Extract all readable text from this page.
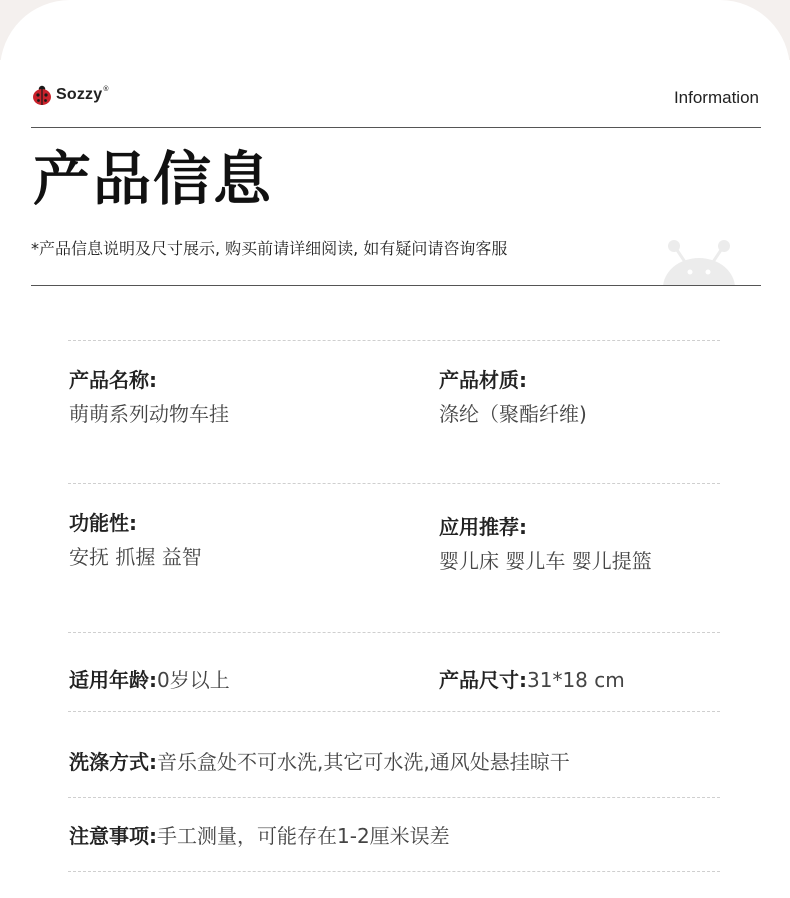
Sozzy®	Information
产品信息
*产品信息说明及尺寸展示, 购买前请详细阅读, 如有疑问请咨询客服
产品名称:
萌萌系列动物车挂
产品材质:
涤纶（聚酯纤维)
功能性:
安抚 抓握 益智
应用推荐:
婴儿床 婴儿车 婴儿提篮
适用年龄:0岁以上	产品尺寸:31*18 cm
洗涤方式:音乐盒处不可水洗,其它可水洗,通风处悬挂晾干
注意事项:手工测量，可能存在1-2厘米误差
